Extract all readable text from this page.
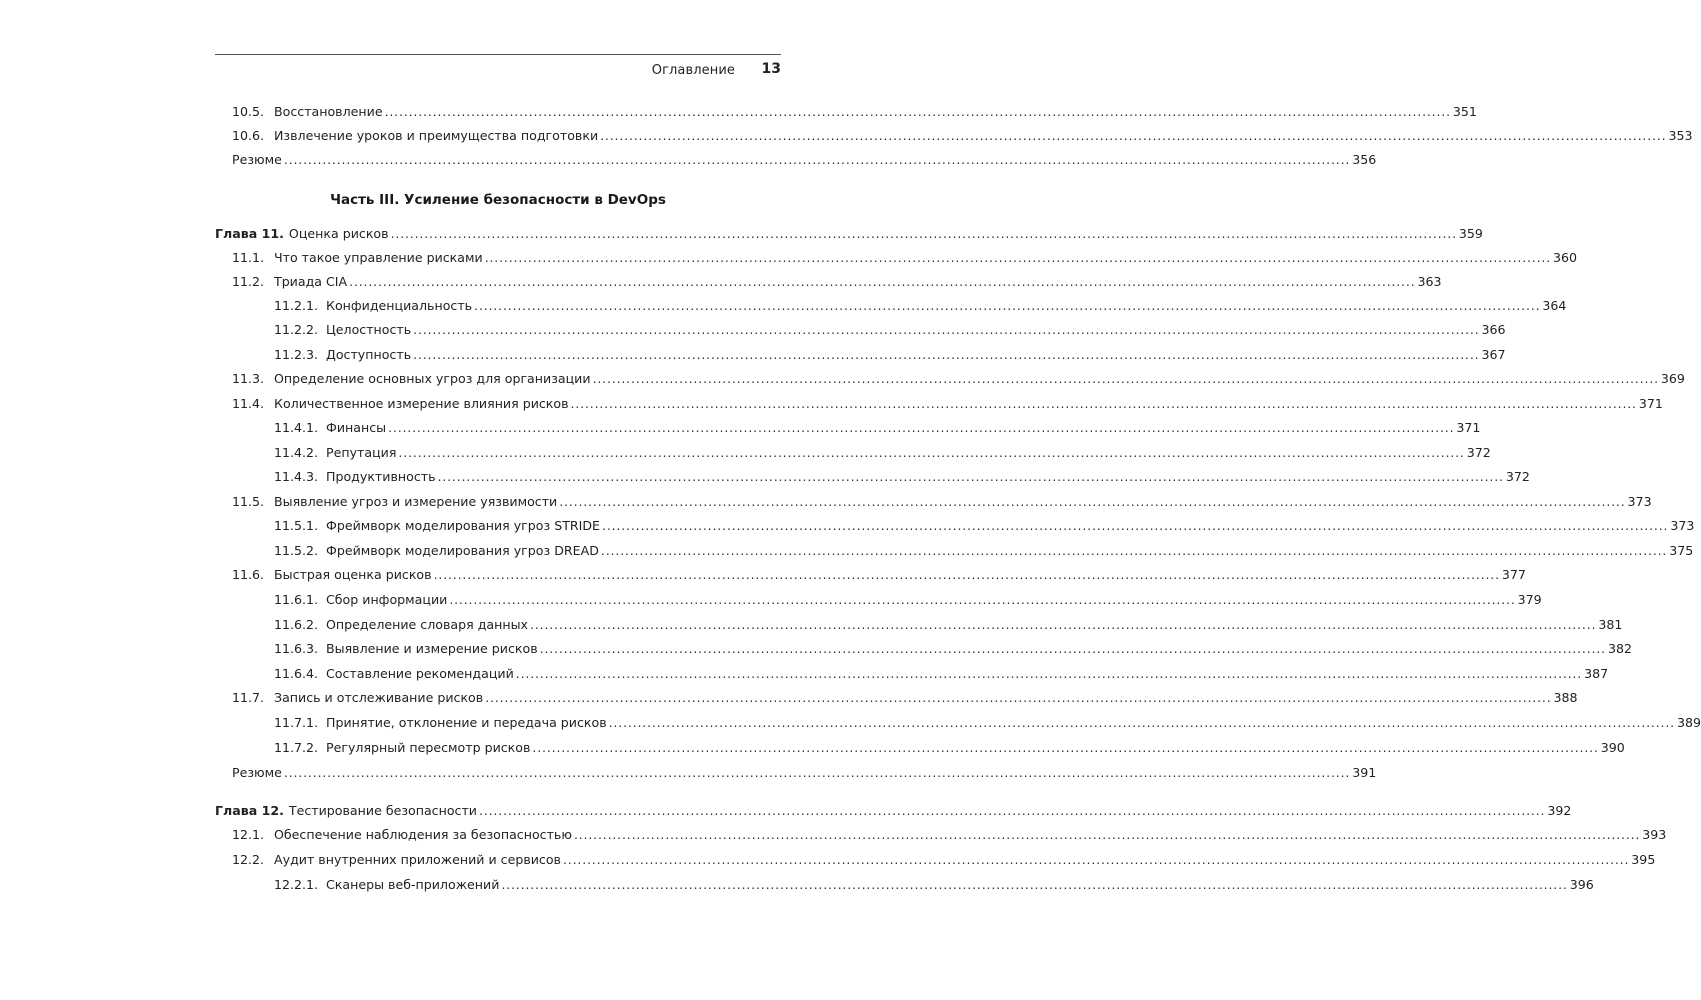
Оглавление 13
Часть III. Усиление безопасности в DevOps
10.5. Восстановление .............................................................................................................................................................................................................................. 351
10.6. Извлечение уроков и преимущества подготовки .............................................................................................................................................................................................................................. 353
Резюме .............................................................................................................................................................................................................................. 356
Глава 11. Оценка рисков .............................................................................................................................................................................................................................. 359
11.1. Что такое управление рисками .............................................................................................................................................................................................................................. 360
11.2. Триада CIA .............................................................................................................................................................................................................................. 363
11.2.1. Конфиденциальность .............................................................................................................................................................................................................................. 364
11.2.2. Целостность .............................................................................................................................................................................................................................. 366
11.2.3. Доступность .............................................................................................................................................................................................................................. 367
11.3. Определение основных угроз для организации .............................................................................................................................................................................................................................. 369
11.4. Количественное измерение влияния рисков .............................................................................................................................................................................................................................. 371
11.4.1. Финансы .............................................................................................................................................................................................................................. 371
11.4.2. Репутация .............................................................................................................................................................................................................................. 372
11.4.3. Продуктивность .............................................................................................................................................................................................................................. 372
11.5. Выявление угроз и измерение уязвимости .............................................................................................................................................................................................................................. 373
11.5.1. Фреймворк моделирования угроз STRIDE .............................................................................................................................................................................................................................. 373
11.5.2. Фреймворк моделирования угроз DREAD .............................................................................................................................................................................................................................. 375
11.6. Быстрая оценка рисков .............................................................................................................................................................................................................................. 377
11.6.1. Сбор информации .............................................................................................................................................................................................................................. 379
11.6.2. Определение словаря данных .............................................................................................................................................................................................................................. 381
11.6.3. Выявление и измерение рисков .............................................................................................................................................................................................................................. 382
11.6.4. Составление рекомендаций .............................................................................................................................................................................................................................. 387
11.7. Запись и отслеживание рисков .............................................................................................................................................................................................................................. 388
11.7.1. Принятие, отклонение и передача рисков .............................................................................................................................................................................................................................. 389
11.7.2. Регулярный пересмотр рисков .............................................................................................................................................................................................................................. 390
Резюме .............................................................................................................................................................................................................................. 391
Глава 12. Тестирование безопасности .............................................................................................................................................................................................................................. 392
12.1. Обеспечение наблюдения за безопасностью .............................................................................................................................................................................................................................. 393
12.2. Аудит внутренних приложений и сервисов .............................................................................................................................................................................................................................. 395
12.2.1. Сканеры веб-приложений .............................................................................................................................................................................................................................. 396
